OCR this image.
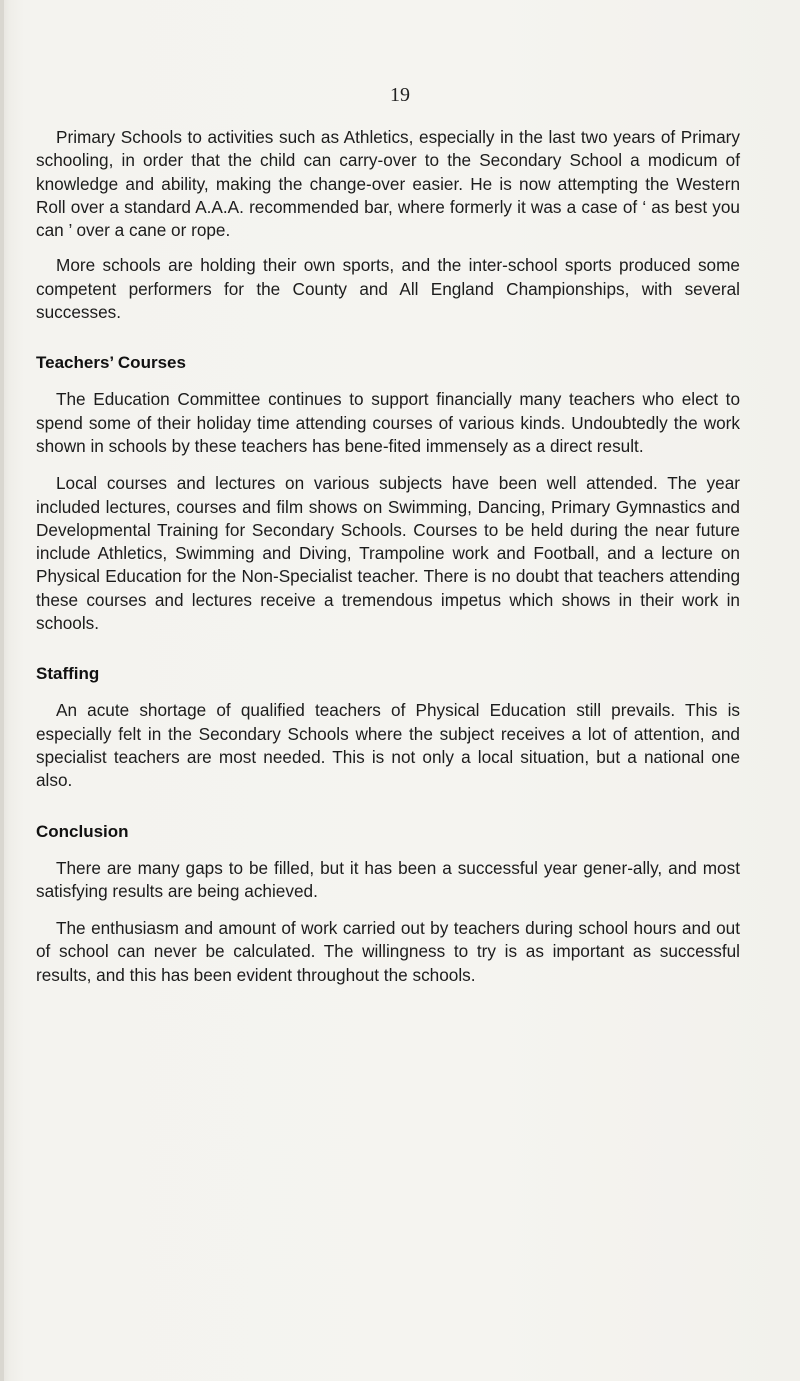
19

Primary Schools to activities such as Athletics, especially in the last two years of Primary schooling, in order that the child can carry-over to the Secondary School a modicum of knowledge and ability, making the change-over easier. He is now attempting the Western Roll over a standard A.A.A. recommended bar, where formerly it was a case of ‘ as best you can ’ over a cane or rope.

More schools are holding their own sports, and the inter-school sports produced some competent performers for the County and All England Championships, with several successes.

Teachers’ Courses

The Education Committee continues to support financially many teachers who elect to spend some of their holiday time attending courses of various kinds. Undoubtedly the work shown in schools by these teachers has bene-fited immensely as a direct result.

Local courses and lectures on various subjects have been well attended. The year included lectures, courses and film shows on Swimming, Dancing, Primary Gymnastics and Developmental Training for Secondary Schools. Courses to be held during the near future include Athletics, Swimming and Diving, Trampoline work and Football, and a lecture on Physical Education for the Non-Specialist teacher. There is no doubt that teachers attending these courses and lectures receive a tremendous impetus which shows in their work in schools.

Staffing

An acute shortage of qualified teachers of Physical Education still prevails. This is especially felt in the Secondary Schools where the subject receives a lot of attention, and specialist teachers are most needed. This is not only a local situation, but a national one also.

Conclusion

There are many gaps to be filled, but it has been a successful year gener-ally, and most satisfying results are being achieved.

The enthusiasm and amount of work carried out by teachers during school hours and out of school can never be calculated. The willingness to try is as important as successful results, and this has been evident throughout the schools.
